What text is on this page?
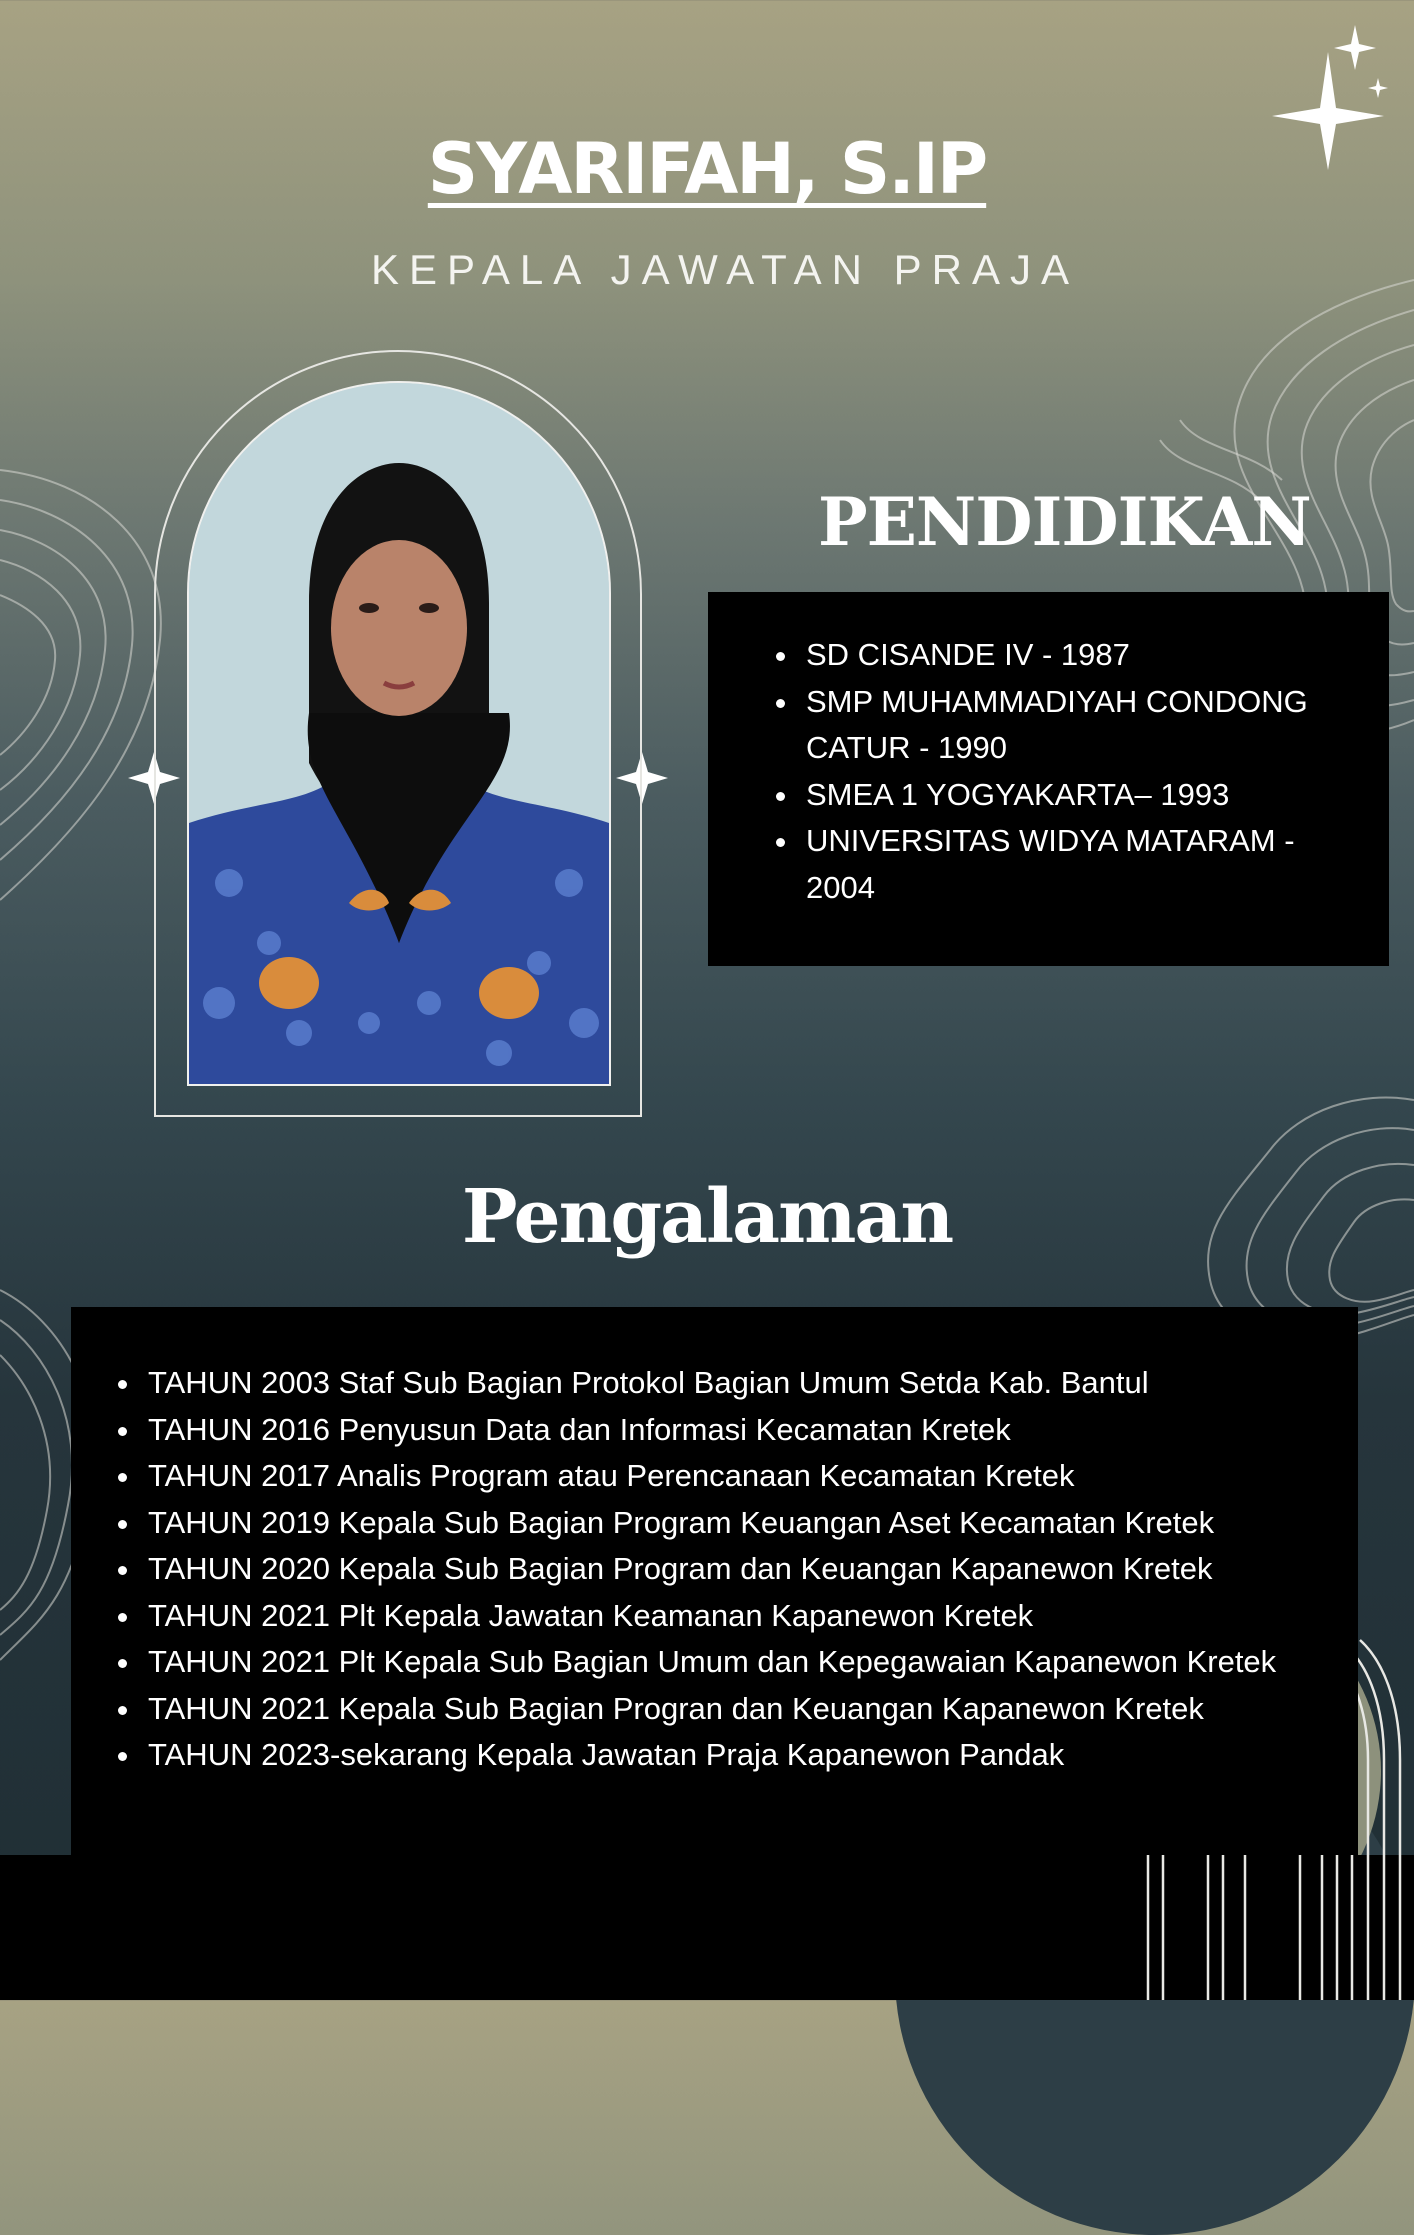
SYARIFAH, S.IP
KEPALA JAWATAN PRAJA
PENDIDIKAN
SD CISANDE IV - 1987
SMP MUHAMMADIYAH CONDONG CATUR - 1990
SMEA 1 YOGYAKARTA– 1993
UNIVERSITAS WIDYA MATARAM - 2004
Pengalaman
TAHUN 2003 Staf Sub Bagian Protokol Bagian Umum Setda Kab. Bantul
TAHUN 2016 Penyusun Data dan Informasi Kecamatan Kretek
TAHUN 2017 Analis Program atau Perencanaan Kecamatan Kretek
TAHUN 2019 Kepala Sub Bagian Program Keuangan Aset Kecamatan Kretek
TAHUN 2020 Kepala Sub Bagian Program dan Keuangan Kapanewon Kretek
TAHUN 2021 Plt Kepala Jawatan Keamanan Kapanewon Kretek
TAHUN 2021 Plt Kepala Sub Bagian Umum dan Kepegawaian Kapanewon Kretek
TAHUN 2021 Kepala Sub Bagian Progran dan Keuangan Kapanewon Kretek
TAHUN 2023-sekarang Kepala Jawatan Praja Kapanewon Pandak
